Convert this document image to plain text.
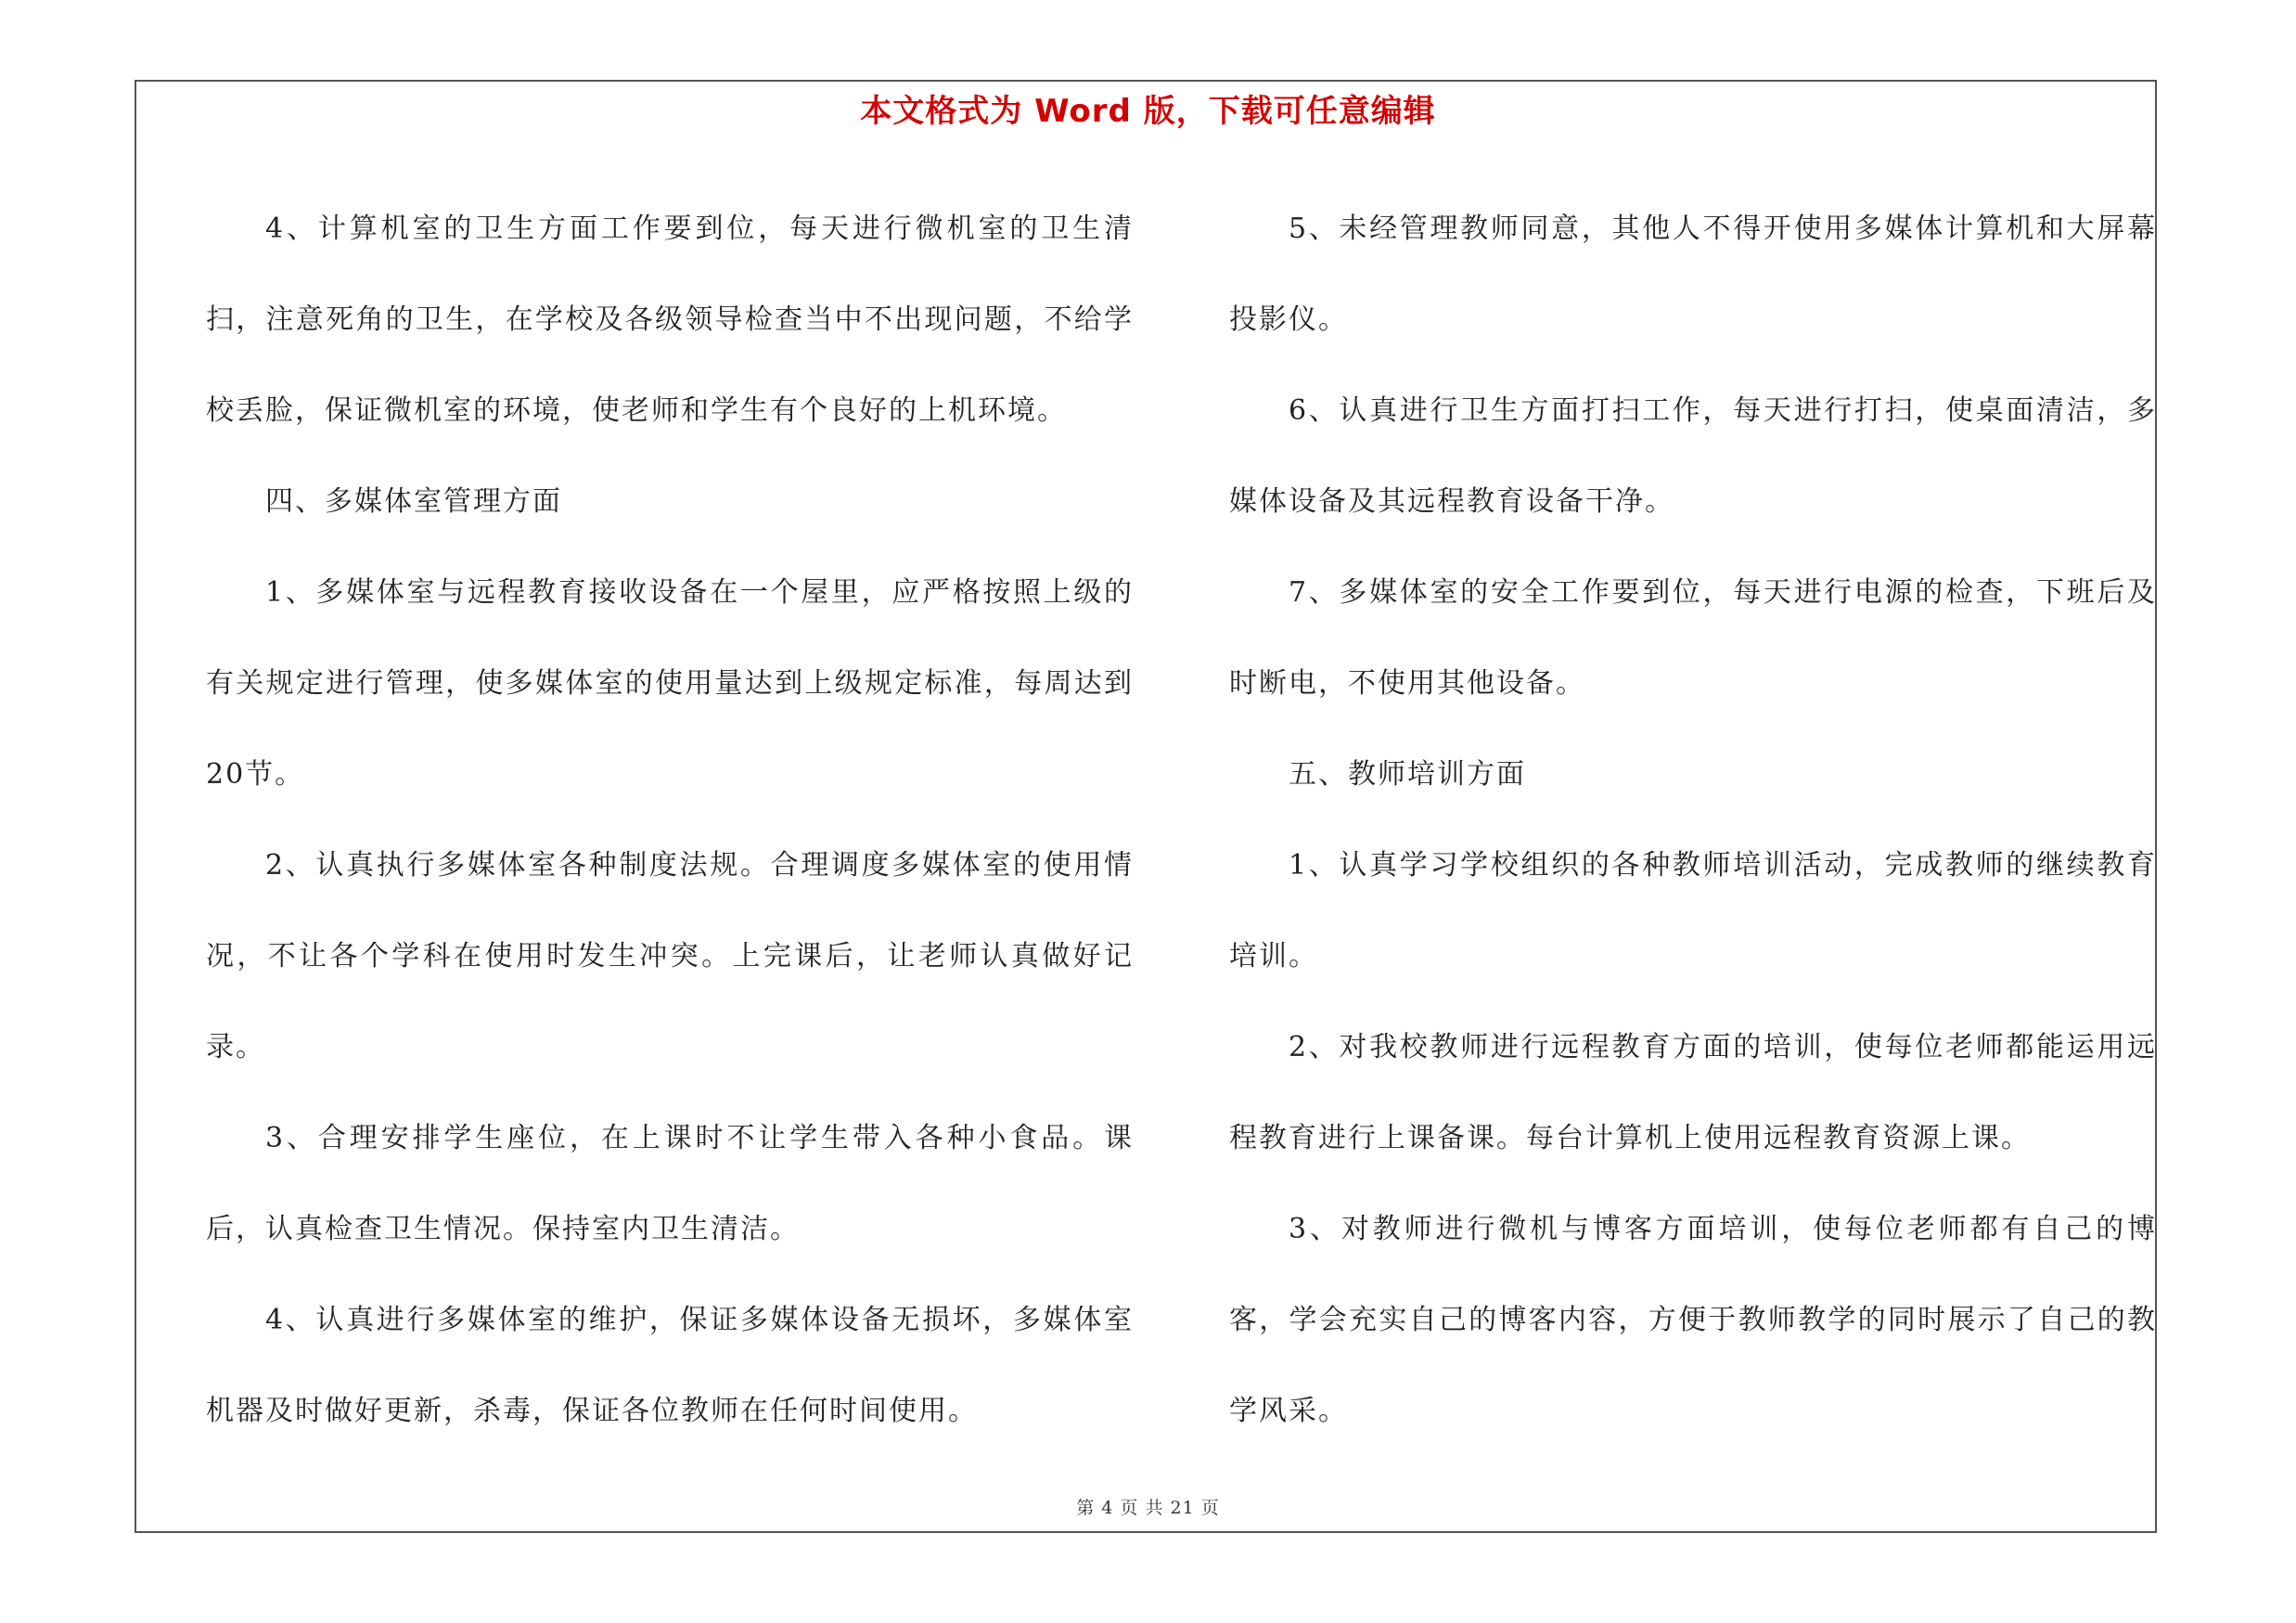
本文格式为 Word 版，下载可任意编辑

4、计算机室的卫生方面工作要到位，每天进行微机室的卫生清扫，注意死角的卫生，在学校及各级领导检查当中不出现问题，不给学校丢脸，保证微机室的环境，使老师和学生有个良好的上机环境。

四、多媒体室管理方面

1、多媒体室与远程教育接收设备在一个屋里，应严格按照上级的有关规定进行管理，使多媒体室的使用量达到上级规定标准，每周达到20节。

2、认真执行多媒体室各种制度法规。合理调度多媒体室的使用情况，不让各个学科在使用时发生冲突。上完课后，让老师认真做好记录。

3、合理安排学生座位，在上课时不让学生带入各种小食品。课后，认真检查卫生情况。保持室内卫生清洁。

4、认真进行多媒体室的维护，保证多媒体设备无损坏，多媒体室机器及时做好更新，杀毒，保证各位教师在任何时间使用。

5、未经管理教师同意，其他人不得开使用多媒体计算机和大屏幕投影仪。

6、认真进行卫生方面打扫工作，每天进行打扫，使桌面清洁，多媒体设备及其远程教育设备干净。

7、多媒体室的安全工作要到位，每天进行电源的检查，下班后及时断电，不使用其他设备。

五、教师培训方面

1、认真学习学校组织的各种教师培训活动，完成教师的继续教育培训。

2、对我校教师进行远程教育方面的培训，使每位老师都能运用远程教育进行上课备课。每台计算机上使用远程教育资源上课。

3、对教师进行微机与博客方面培训，使每位老师都有自己的博客，学会充实自己的博客内容，方便于教师教学的同时展示了自己的教学风采。

第 4 页 共 21 页
